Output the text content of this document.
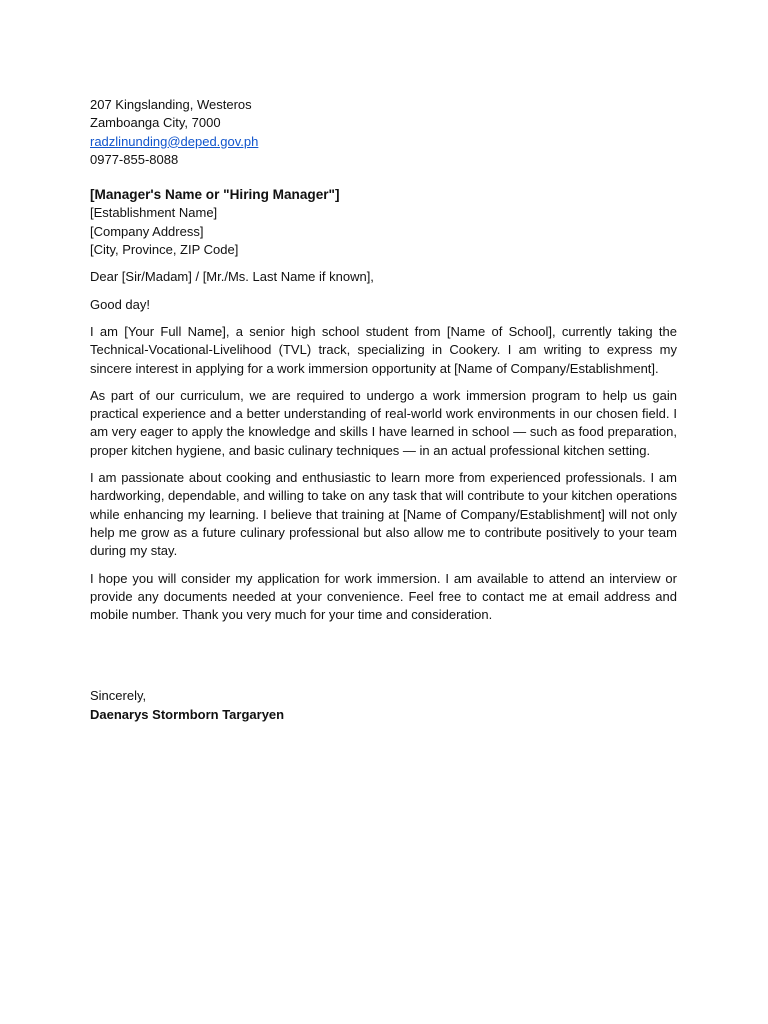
207 Kingslanding, Westeros
Zamboanga City, 7000
radzlinunding@deped.gov.ph
0977-855-8088
[Manager's Name or "Hiring Manager"]
[Establishment Name]
[Company Address]
[City, Province, ZIP Code]

Dear [Sir/Madam] / [Mr./Ms. Last Name if known],

Good day!

I am [Your Full Name], a senior high school student from [Name of School], currently taking the Technical-Vocational-Livelihood (TVL) track, specializing in Cookery. I am writing to express my sincere interest in applying for a work immersion opportunity at [Name of Company/Establishment].

As part of our curriculum, we are required to undergo a work immersion program to help us gain practical experience and a better understanding of real-world work environments in our chosen field. I am very eager to apply the knowledge and skills I have learned in school — such as food preparation, proper kitchen hygiene, and basic culinary techniques — in an actual professional kitchen setting.

I am passionate about cooking and enthusiastic to learn more from experienced professionals. I am hardworking, dependable, and willing to take on any task that will contribute to your kitchen operations while enhancing my learning. I believe that training at [Name of Company/Establishment] will not only help me grow as a future culinary professional but also allow me to contribute positively to your team during my stay.

I hope you will consider my application for work immersion. I am available to attend an interview or provide any documents needed at your convenience. Feel free to contact me at email address and mobile number. Thank you very much for your time and consideration.

Sincerely,
Daenarys Stormborn Targaryen
